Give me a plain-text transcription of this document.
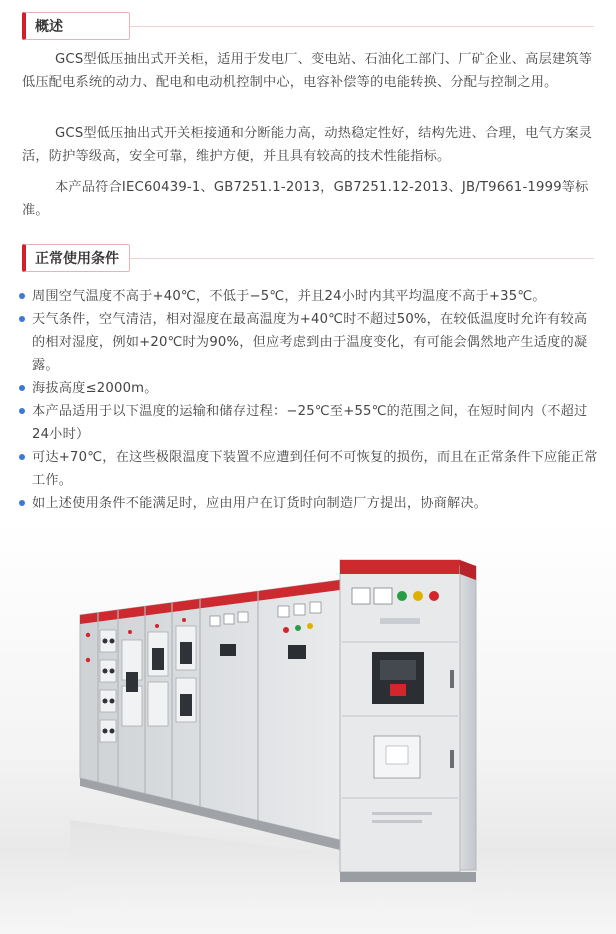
概述

GCS型低压抽出式开关柜，适用于发电厂、变电站、石油化工部门、厂矿企业、高层建筑等低压配电系统的动力、配电和电动机控制中心，电容补偿等的电能转换、分配与控制之用。

GCS型低压抽出式开关柜接通和分断能力高，动热稳定性好，结构先进、合理，电气方案灵活，防护等级高，安全可靠，维护方便，并且具有较高的技术性能指标。

本产品符合IEC60439-1、GB7251.1-2013，GB7251.12-2013、JB/T9661-1999等标准。

正常使用条件
周围空气温度不高于+40℃，不低于−5℃，并且24小时内其平均温度不高于+35℃。
天气条件，空气清洁，相对湿度在最高温度为+40℃时不超过50%，在较低温度时允许有较高的相对湿度，例如+20℃时为90%，但应考虑到由于温度变化，有可能会偶然地产生适度的凝露。
海拔高度≤2000m。
本产品适用于以下温度的运输和储存过程：−25℃至+55℃的范围之间，在短时间内（不超过24小时）
可达+70℃，在这些极限温度下装置不应遭到任何不可恢复的损伤，而且在正常条件下应能正常工作。
如上述使用条件不能满足时，应由用户在订货时向制造厂方提出，协商解决。
